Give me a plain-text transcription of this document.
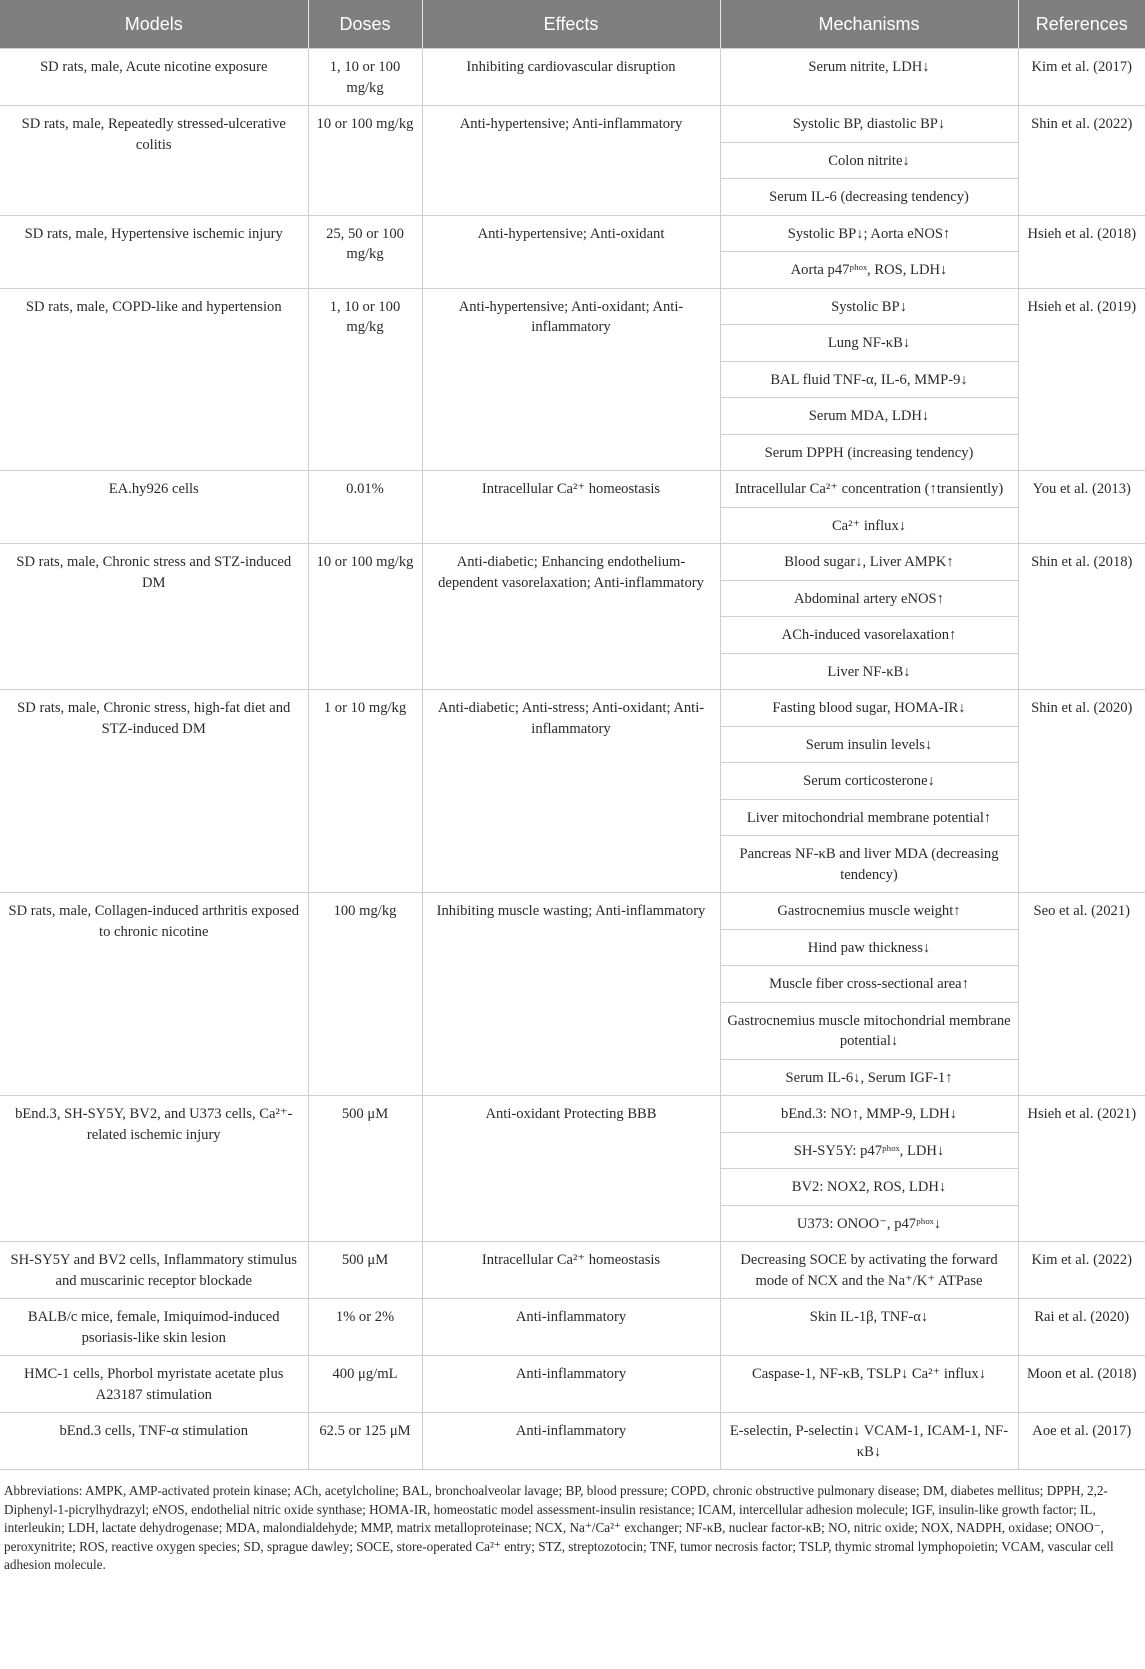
Models	Doses	Effects	Mechanisms	References
SD rats, male, Acute nicotine exposure	1, 10 or 100 mg/kg	Inhibiting cardiovascular disruption	Serum nitrite, LDH↓	Kim et al. (2017)
SD rats, male, Repeatedly stressed-ulcerative colitis	10 or 100 mg/kg	Anti-hypertensive; Anti-inflammatory	Systolic BP, diastolic BP↓	Shin et al. (2022)
			Colon nitrite↓	
			Serum IL-6 (decreasing tendency)	
SD rats, male, Hypertensive ischemic injury	25, 50 or 100 mg/kg	Anti-hypertensive; Anti-oxidant	Systolic BP↓; Aorta eNOS↑	Hsieh et al. (2018)
			Aorta p47ᵖʰᵒˣ, ROS, LDH↓	
SD rats, male, COPD-like and hypertension	1, 10 or 100 mg/kg	Anti-hypertensive; Anti-oxidant; Anti-inflammatory	Systolic BP↓	Hsieh et al. (2019)
			Lung NF-κB↓	
			BAL fluid TNF-α, IL-6, MMP-9↓	
			Serum MDA, LDH↓	
			Serum DPPH (increasing tendency)	
EA.hy926 cells	0.01%	Intracellular Ca²⁺ homeostasis	Intracellular Ca²⁺ concentration (↑transiently)	You et al. (2013)
			Ca²⁺ influx↓	
SD rats, male, Chronic stress and STZ-induced DM	10 or 100 mg/kg	Anti-diabetic; Enhancing endothelium-dependent vasorelaxation; Anti-inflammatory	Blood sugar↓, Liver AMPK↑	Shin et al. (2018)
			Abdominal artery eNOS↑	
			ACh-induced vasorelaxation↑	
			Liver NF-κB↓	
SD rats, male, Chronic stress, high-fat diet and STZ-induced DM	1 or 10 mg/kg	Anti-diabetic; Anti-stress; Anti-oxidant; Anti-inflammatory	Fasting blood sugar, HOMA-IR↓	Shin et al. (2020)
			Serum insulin levels↓	
			Serum corticosterone↓	
			Liver mitochondrial membrane potential↑	
			Pancreas NF-κB and liver MDA (decreasing tendency)	
SD rats, male, Collagen-induced arthritis exposed to chronic nicotine	100 mg/kg	Inhibiting muscle wasting; Anti-inflammatory	Gastrocnemius muscle weight↑	Seo et al. (2021)
			Hind paw thickness↓	
			Muscle fiber cross-sectional area↑	
			Gastrocnemius muscle mitochondrial membrane potential↓	
			Serum IL-6↓, Serum IGF-1↑	
bEnd.3, SH-SY5Y, BV2, and U373 cells, Ca²⁺-related ischemic injury	500 μM	Anti-oxidant Protecting BBB	bEnd.3: NO↑, MMP-9, LDH↓	Hsieh et al. (2021)
			SH-SY5Y: p47ᵖʰᵒˣ, LDH↓	
			BV2: NOX2, ROS, LDH↓	
			U373: ONOO⁻, p47ᵖʰᵒˣ↓	
SH-SY5Y and BV2 cells, Inflammatory stimulus and muscarinic receptor blockade	500 μM	Intracellular Ca²⁺ homeostasis	Decreasing SOCE by activating the forward mode of NCX and the Na⁺/K⁺ ATPase	Kim et al. (2022)
BALB/c mice, female, Imiquimod-induced psoriasis-like skin lesion	1% or 2%	Anti-inflammatory	Skin IL-1β, TNF-α↓	Rai et al. (2020)
HMC-1 cells, Phorbol myristate acetate plus A23187 stimulation	400 μg/mL	Anti-inflammatory	Caspase-1, NF-κB, TSLP↓ Ca²⁺ influx↓	Moon et al. (2018)
bEnd.3 cells, TNF-α stimulation	62.5 or 125 μM	Anti-inflammatory	E-selectin, P-selectin↓ VCAM-1, ICAM-1, NF-κB↓	Aoe et al. (2017)
Abbreviations: AMPK, AMP-activated protein kinase; ACh, acetylcholine; BAL, bronchoalveolar lavage; BP, blood pressure; COPD, chronic obstructive pulmonary disease; DM, diabetes mellitus; DPPH, 2,2-Diphenyl-1-picrylhydrazyl; eNOS, endothelial nitric oxide synthase; HOMA-IR, homeostatic model assessment-insulin resistance; ICAM, intercellular adhesion molecule; IGF, insulin-like growth factor; IL, interleukin; LDH, lactate dehydrogenase; MDA, malondialdehyde; MMP, matrix metalloproteinase; NCX, Na⁺/Ca²⁺ exchanger; NF-κB, nuclear factor-κB; NO, nitric oxide; NOX, NADPH, oxidase; ONOO⁻, peroxynitrite; ROS, reactive oxygen species; SD, sprague dawley; SOCE, store-operated Ca²⁺ entry; STZ, streptozotocin; TNF, tumor necrosis factor; TSLP, thymic stromal lymphopoietin; VCAM, vascular cell adhesion molecule.
